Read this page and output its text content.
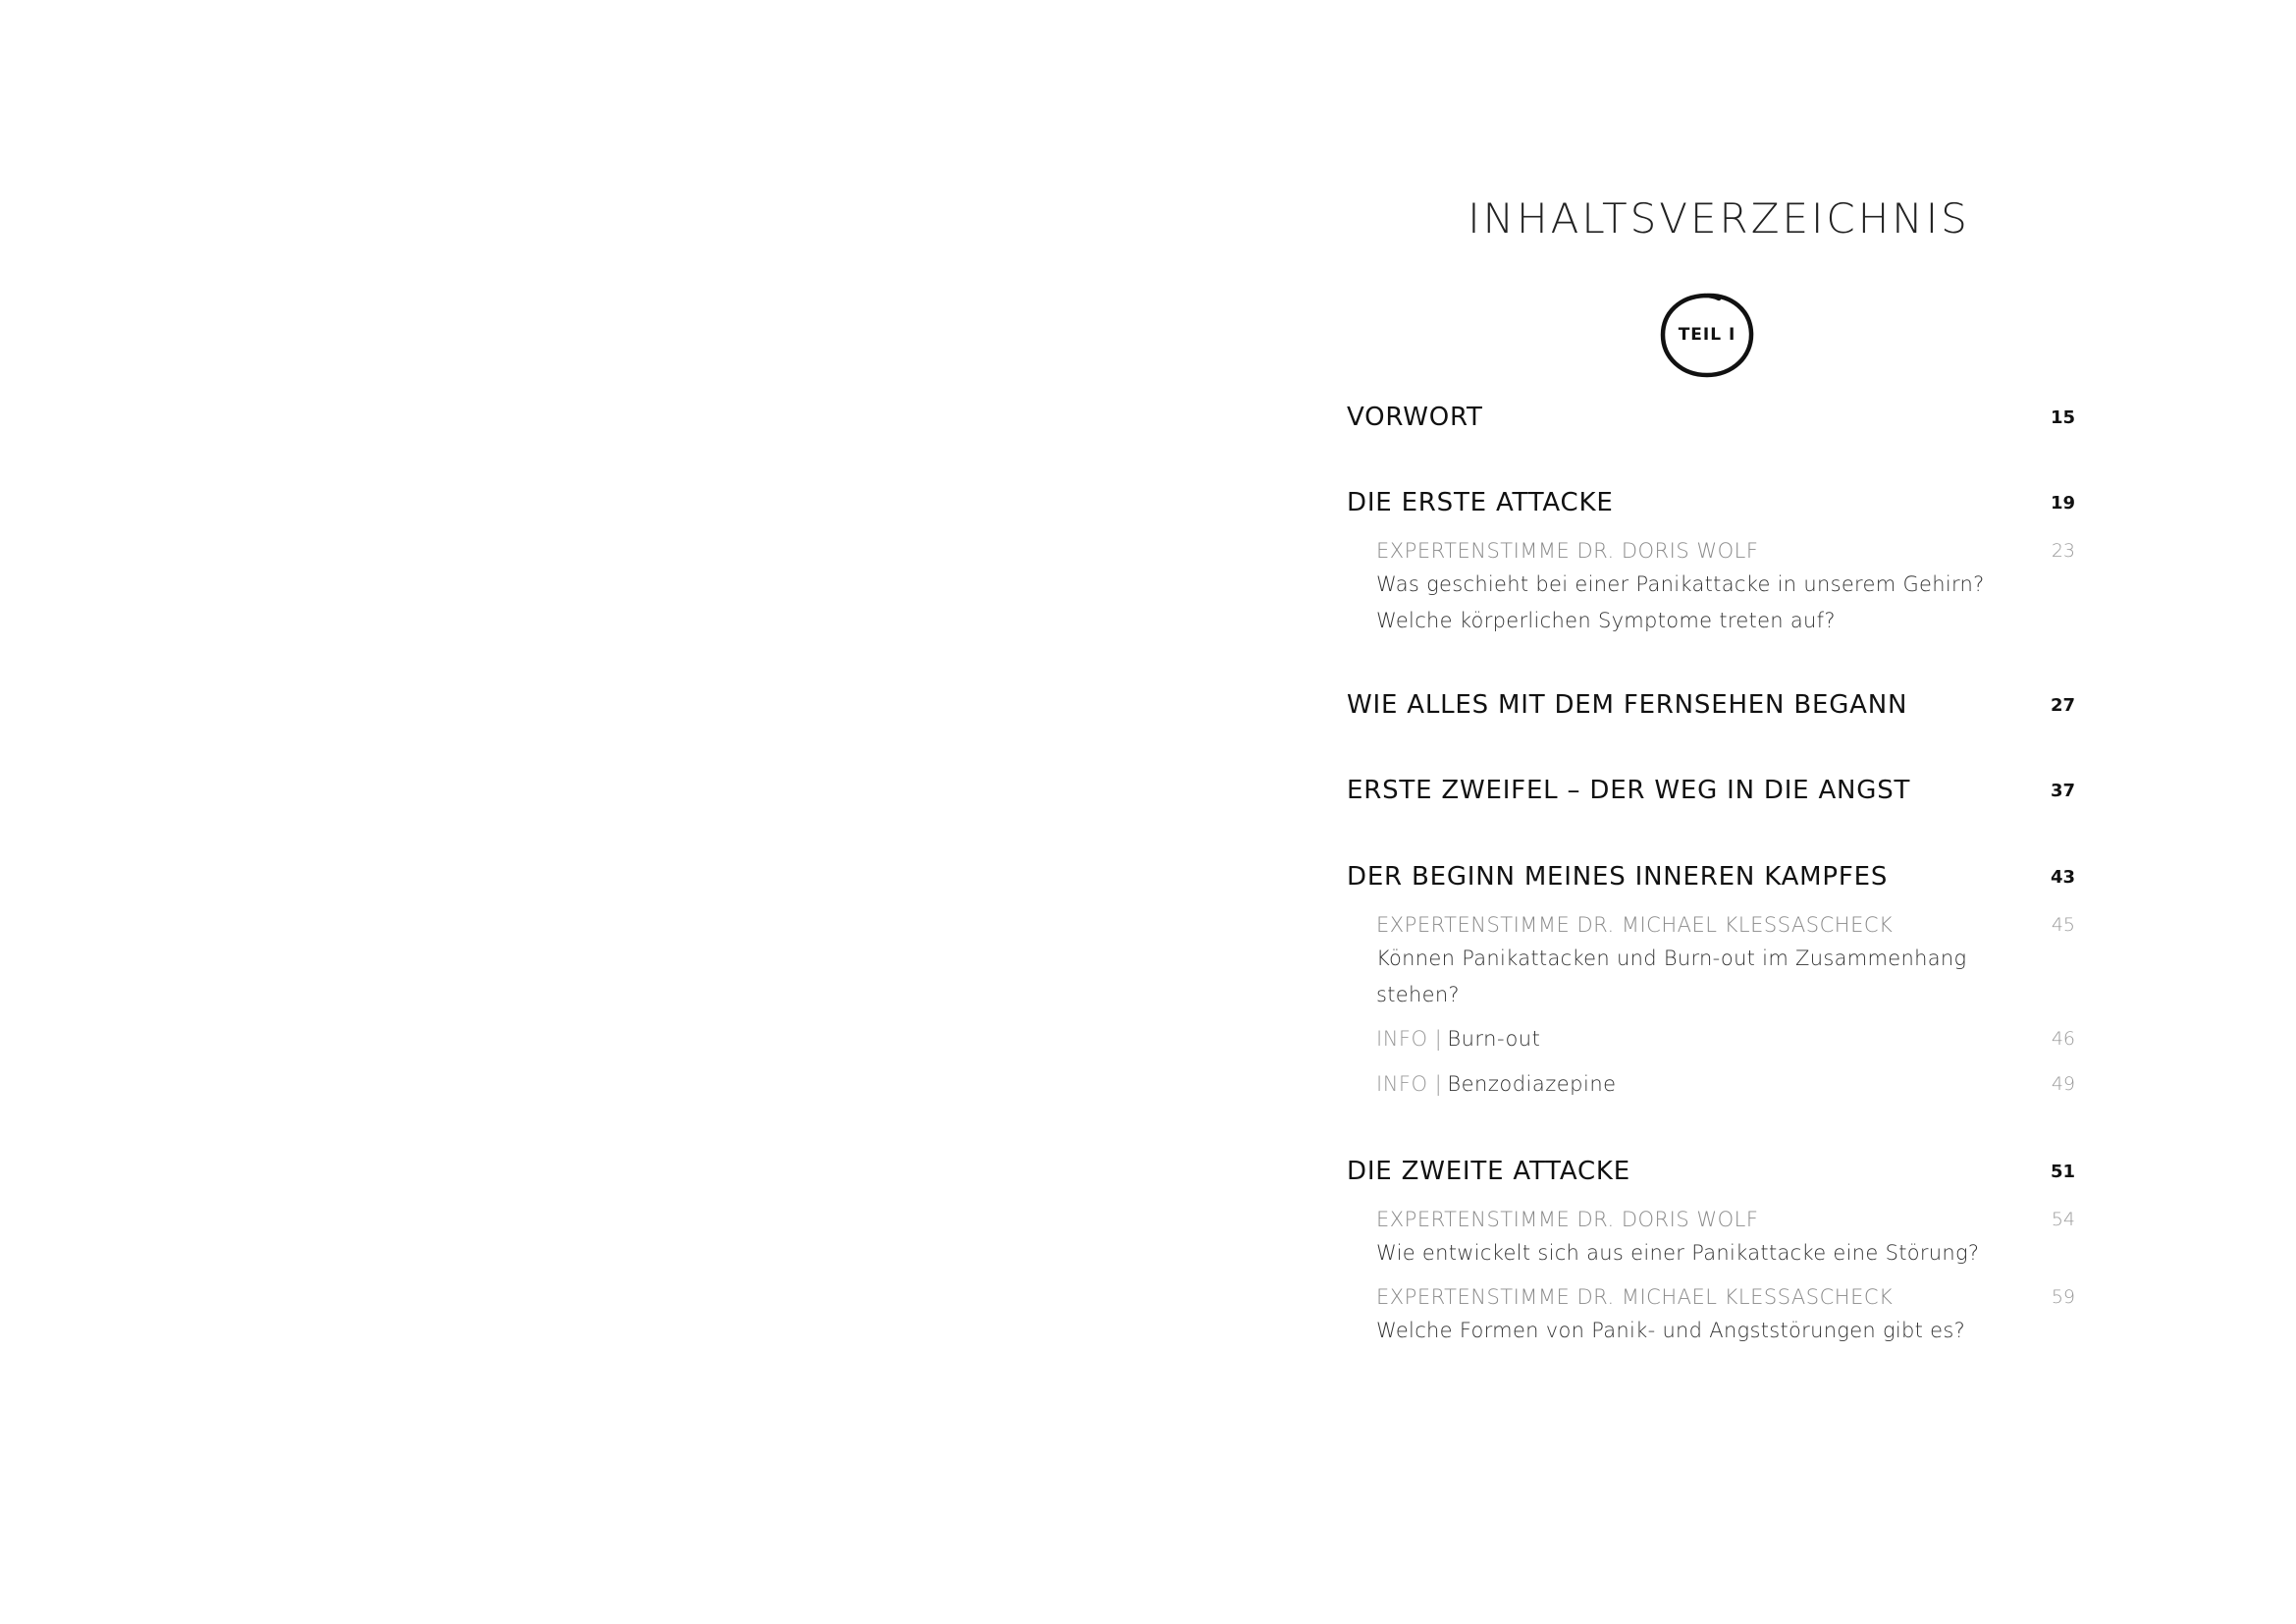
INHALTSVERZEICHNIS
TEIL I
VORWORT	15
DIE ERSTE ATTACKE	19
EXPERTENSTIMME DR. DORIS WOLF	23
Was geschieht bei einer Panikattacke in unserem Gehirn? Welche körperlichen Symptome treten auf?
WIE ALLES MIT DEM FERNSEHEN BEGANN	27
ERSTE ZWEIFEL – DER WEG IN DIE ANGST	37
DER BEGINN MEINES INNEREN KAMPFES	43
EXPERTENSTIMME DR. MICHAEL KLESSASCHECK	45
Können Panikattacken und Burn-out im Zusammenhang stehen?
INFO | Burn-out	46
INFO | Benzodiazepine	49
DIE ZWEITE ATTACKE	51
EXPERTENSTIMME DR. DORIS WOLF	54
Wie entwickelt sich aus einer Panikattacke eine Störung?
EXPERTENSTIMME DR. MICHAEL KLESSASCHECK	59
Welche Formen von Panik- und Angststörungen gibt es?
